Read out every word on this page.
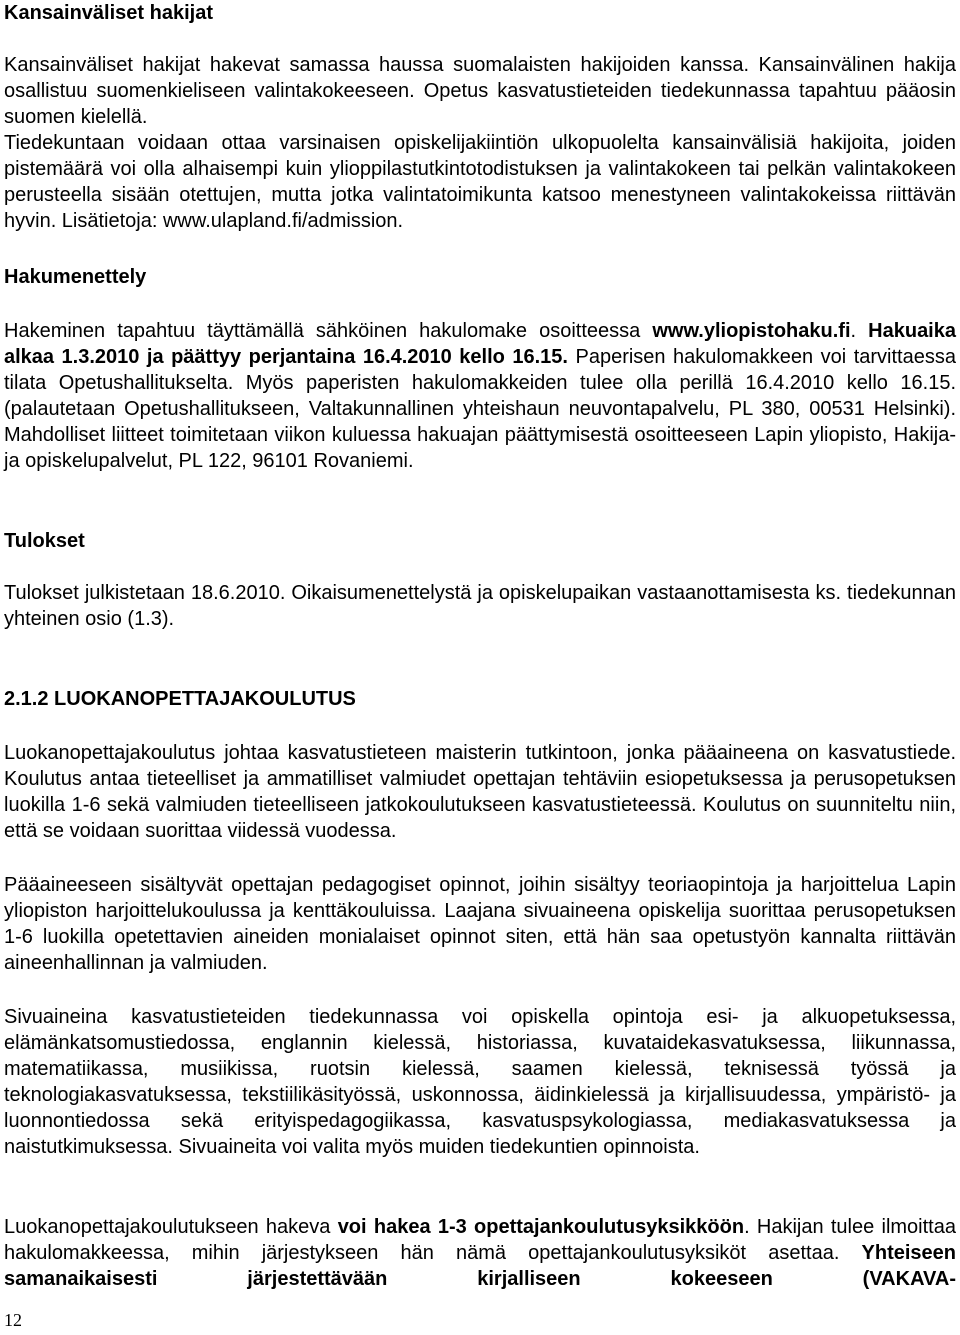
Kansainväliset hakijat

Kansainväliset hakijat hakevat samassa haussa suomalaisten hakijoiden kanssa. Kansainvälinen hakija osallistuu suomenkieliseen valintakokeeseen. Opetus kasvatustieteiden tiedekunnassa tapahtuu pääosin suomen kielellä.

Tiedekuntaan voidaan ottaa varsinaisen opiskelijakiintiön ulkopuolelta kansainvälisiä hakijoita, joiden pistemäärä voi olla alhaisempi kuin ylioppilastutkintotodistuksen ja valintakokeen tai pelkän valintakokeen perusteella sisään otettujen, mutta jotka valintatoimikunta katsoo menestyneen valintakokeissa riittävän hyvin. Lisätietoja: www.ulapland.fi/admission.

Hakumenettely

Hakeminen tapahtuu täyttämällä sähköinen hakulomake osoitteessa www.yliopistohaku.fi. Hakuaika alkaa 1.3.2010 ja päättyy perjantaina 16.4.2010 kello 16.15. Paperisen hakulomakkeen voi tarvittaessa tilata Opetushallitukselta. Myös paperisten hakulomakkeiden tulee olla perillä 16.4.2010 kello 16.15. (palautetaan Opetushallitukseen, Valtakunnallinen yhteishaun neuvontapalvelu, PL 380, 00531 Helsinki). Mahdolliset liitteet toimitetaan viikon kuluessa hakuajan päättymisestä osoitteeseen Lapin yliopisto, Hakija- ja opiskelupalvelut, PL 122, 96101 Rovaniemi.

Tulokset

Tulokset julkistetaan 18.6.2010. Oikaisumenettelystä ja opiskelupaikan vastaanottamisesta ks. tiedekunnan yhteinen osio (1.3).

2.1.2 LUOKANOPETTAJAKOULUTUS

Luokanopettajakoulutus johtaa kasvatustieteen maisterin tutkintoon, jonka pääaineena on kasvatustiede. Koulutus antaa tieteelliset ja ammatilliset valmiudet opettajan tehtäviin esiopetuksessa ja perusopetuksen luokilla 1-6 sekä valmiuden tieteelliseen jatkokoulutukseen kasvatustieteessä. Koulutus on suunniteltu niin, että se voidaan suorittaa viidessä vuodessa.

Pääaineeseen sisältyvät opettajan pedagogiset opinnot, joihin sisältyy teoriaopintoja ja harjoittelua Lapin yliopiston harjoittelukoulussa ja kenttäkouluissa. Laajana sivuaineena opiskelija suorittaa perusopetuksen 1-6 luokilla opetettavien aineiden monialaiset opinnot siten, että hän saa opetustyön kannalta riittävän aineenhallinnan ja valmiuden.

Sivuaineina kasvatustieteiden tiedekunnassa voi opiskella opintoja esi- ja alkuopetuksessa, elämänkatsomustiedossa, englannin kielessä, historiassa, kuvataidekasvatuksessa, liikunnassa, matematiikassa, musiikissa, ruotsin kielessä, saamen kielessä, teknisessä työssä ja teknologiakasvatuksessa, tekstiilikäsityössä, uskonnossa, äidinkielessä ja kirjallisuudessa, ympäristö- ja luonnontiedossa sekä erityispedagogiikassa, kasvatuspsykologiassa, mediakasvatuksessa ja naistutkimuksessa. Sivuaineita voi valita myös muiden tiedekuntien opinnoista.

Luokanopettajakoulutukseen hakeva voi hakea 1-3 opettajankoulutusyksikköön. Hakijan tulee ilmoittaa hakulomakkeessa, mihin järjestykseen hän nämä opettajankoulutusyksiköt asettaa. Yhteiseen samanaikaisesti järjestettävään kirjalliseen kokeeseen (VAKAVA-

12
